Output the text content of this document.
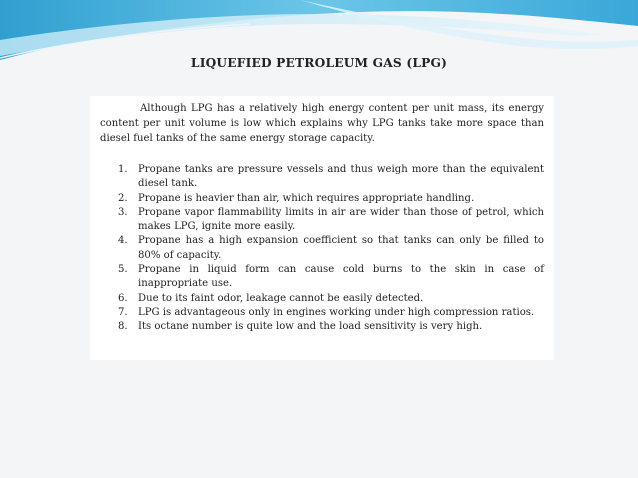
LIQUEFIED PETROLEUM GAS (LPG)

Although LPG has a relatively high energy content per unit mass, its energy content per unit volume is low which explains why LPG tanks take more space than diesel fuel tanks of the same energy storage capacity.

1.	Propane tanks are pressure vessels and thus weigh more than the equivalent diesel tank.
2.	Propane is heavier than air, which requires appropriate handling.
3.	Propane vapor flammability limits in air are wider than those of petrol, which makes LPG, ignite more easily.
4.	Propane has a high expansion coefficient so that tanks can only be filled to 80% of capacity.
5.	Propane in liquid form can cause cold burns to the skin in case of inappropriate use.
6.	Due to its faint odor, leakage cannot be easily detected.
7.	LPG is advantageous only in engines working under high compression ratios.
8.	Its octane number is quite low and the load sensitivity is very high.
